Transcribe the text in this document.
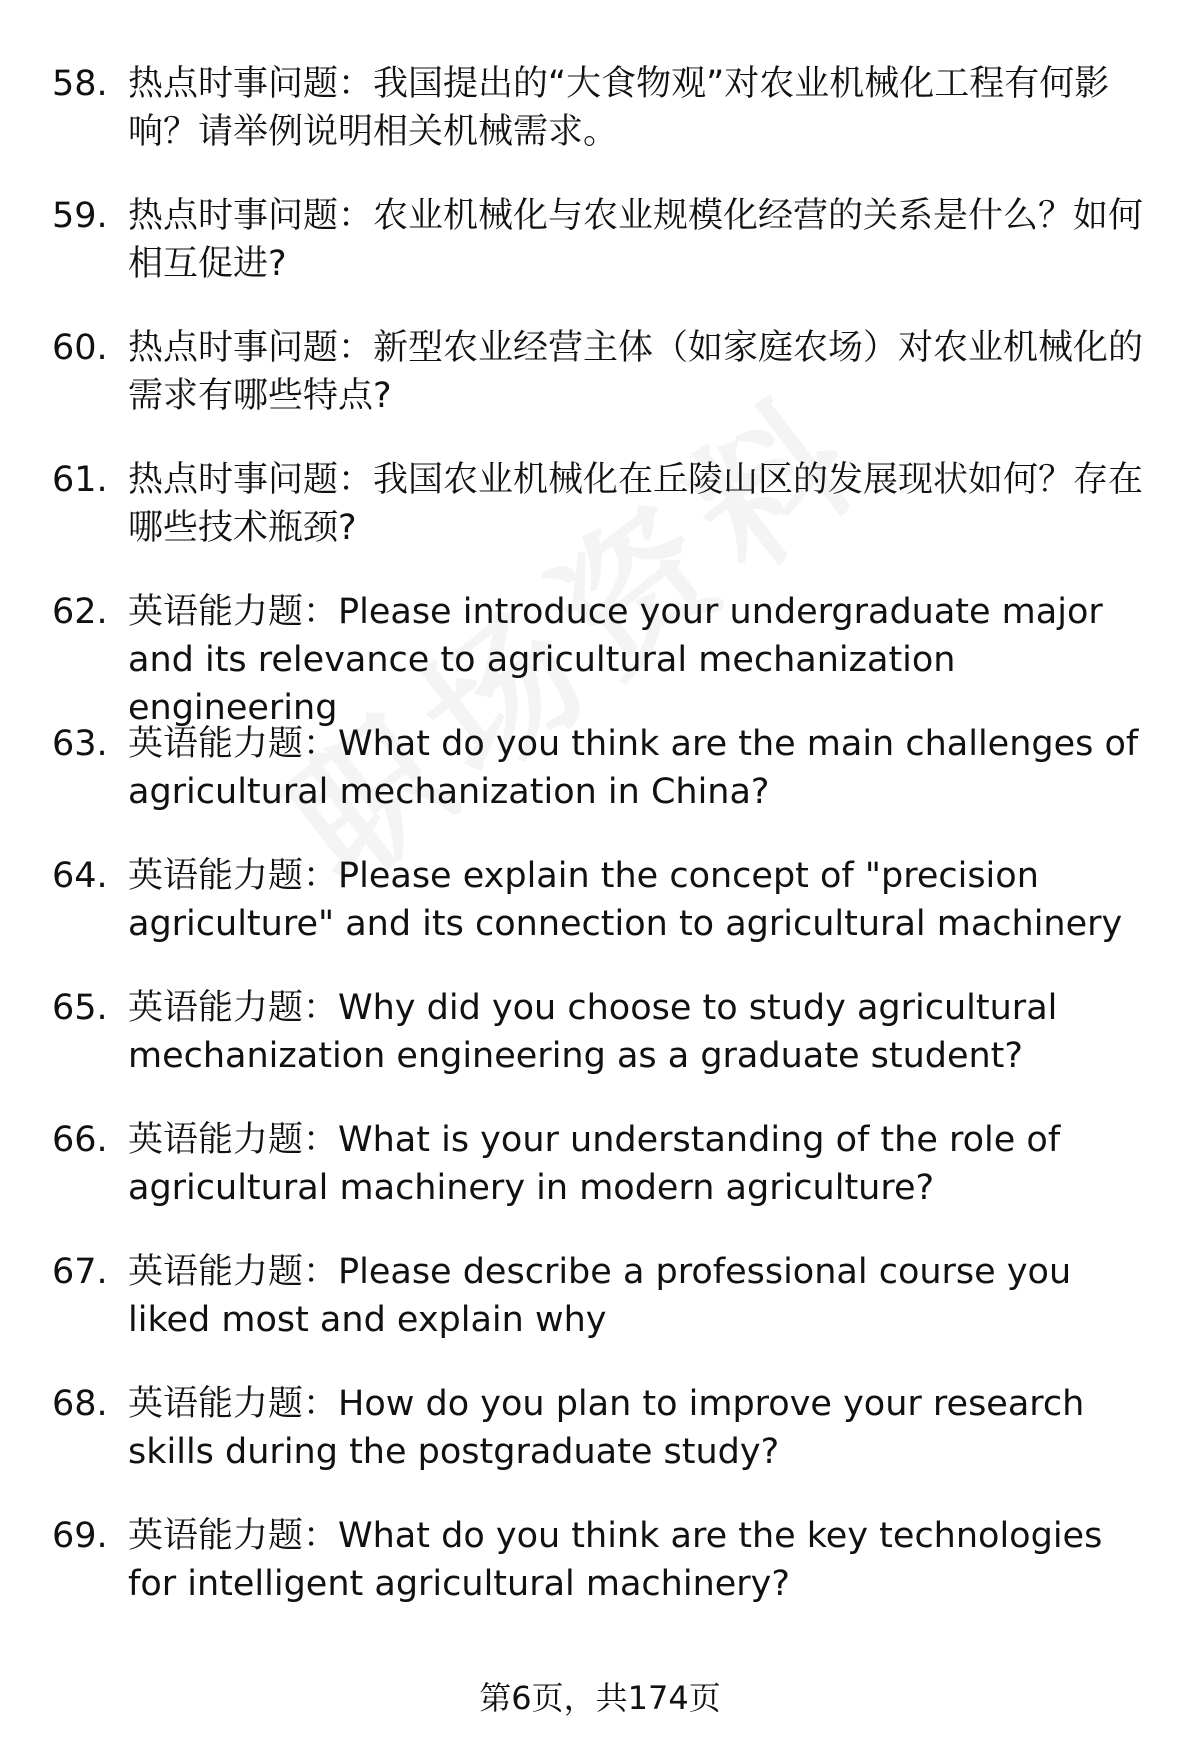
58. 热点时事问题：我国提出的“大食物观”对农业机械化工程有何影响？请举例说明相关机械需求。
59. 热点时事问题：农业机械化与农业规模化经营的关系是什么？如何相互促进?
60. 热点时事问题：新型农业经营主体（如家庭农场）对农业机械化的需求有哪些特点?
61. 热点时事问题：我国农业机械化在丘陵山区的发展现状如何？存在哪些技术瓶颈?
62. 英语能力题：Please introduce your undergraduate major and its relevance to agricultural mechanization engineering
63. 英语能力题：What do you think are the main challenges of agricultural mechanization in China?
64. 英语能力题：Please explain the concept of "precision agriculture" and its connection to agricultural machinery
65. 英语能力题：Why did you choose to study agricultural mechanization engineering as a graduate student?
66. 英语能力题：What is your understanding of the role of agricultural machinery in modern agriculture?
67. 英语能力题：Please describe a professional course you liked most and explain why
68. 英语能力题：How do you plan to improve your research skills during the postgraduate study?
69. 英语能力题：What do you think are the key technologies for intelligent agricultural machinery?
第6页，共174页
